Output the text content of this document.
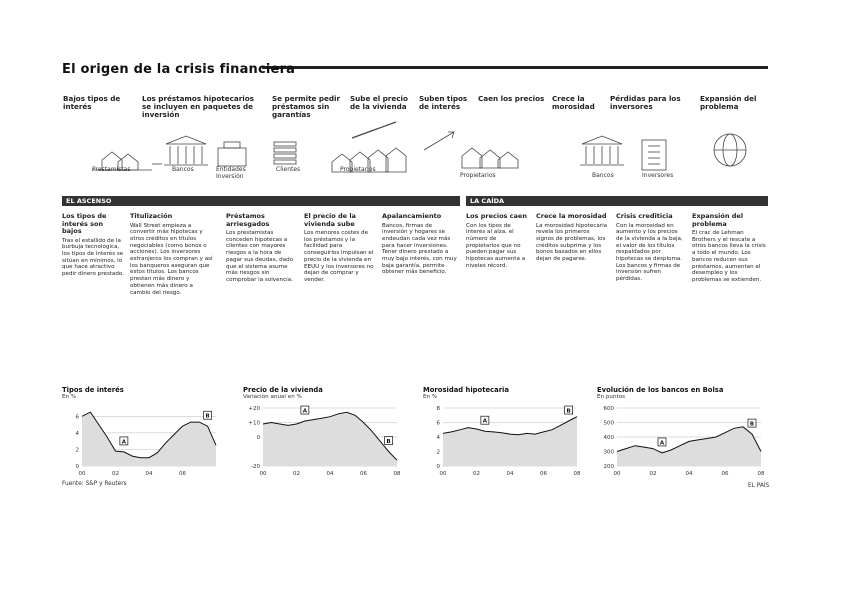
El origen de la crisis financiera
Bajos tipos de interés
Los préstamos hipotecarios se incluyen en paquetes de inversión
Se permite pedir préstamos sin garantías
Sube el precio de la vivienda
Suben tipos de interés
Caen los precios	Crece la morosidad
Pérdidas para los inversores
Expansión del problema
Prestamistas	Bancos	Entidades Inversión
Clientes	Propietarios
Propietarios	Bancos	Inversores
EL ASCENSO	LA CAÍDA
Los tipos de interés son bajos
Tras el estallido de la burbuja tecnológica, los tipos de interés se sitúan en mínimos, lo que hace atractivo pedir dinero prestado.
Titulización
Wall Street empieza a convertir más hipotecas y otros créditos en títulos negociables (como bonos o acciones). Los inversores extranjeros los compran y así los banqueros aseguran que estos títulos. Los bancos prestan más dinero y obtienen más dinero a cambio del riesgo.
Préstamos arriesgados
Los prestamistas conceden hipotecas a clientes con mayores riesgos a la hora de pagar sus deudas, dado que el sistema asume más riesgos sin comprobar la solvencia.
El precio de la vivienda sube
Los menores costes de los préstamos y la facilidad para conseguirlos impulsan el precio de la vivienda en EEUU y los inversores no dejan de comprar y vender.
Apalancamiento
Bancos, firmas de inversión y hogares se endeudan cada vez más para hacer inversiones. Tener dinero prestado a muy bajo interés, con muy baja garantía, permite obtener más beneficio.
Los precios caen
Con los tipos de interés al alza, el número de propietarios que no pueden pagar sus hipotecas aumenta a niveles récord.
Crece la morosidad
La morosidad hipotecaria revela los primeros signos de problemas, los créditos subprime y los bonos basados en ellos dejan de pagarse.
Crisis crediticia
Con la morosidad en aumento y los precios de la vivienda a la baja, el valor de los títulos respaldados por hipotecas se desploma. Los bancos y firmas de inversión sufren pérdidas.
Expansión del problema
El crac de Lehman Brothers y el rescate a otros bancos lleva la crisis a todo el mundo. Los bancos reducen sus préstamos, aumentan el desempleo y los problemas se extienden.
Tipos de interés
En %
Precio de la vivienda
Variación anual en %
Morosidad hipotecaria
En %
Evolución de los bancos en Bolsa
En puntos
0
2
4
6
00	02	04	06
A
B
-20
0
+10
+20
00	02	04	06	08
A
B
0
2
4
6
8
00	02	04	06	08
A
B
200
300
400
500
600
00	02	04	06	08
A
B
Fuente: S&P y Reuters	EL PAÍS
